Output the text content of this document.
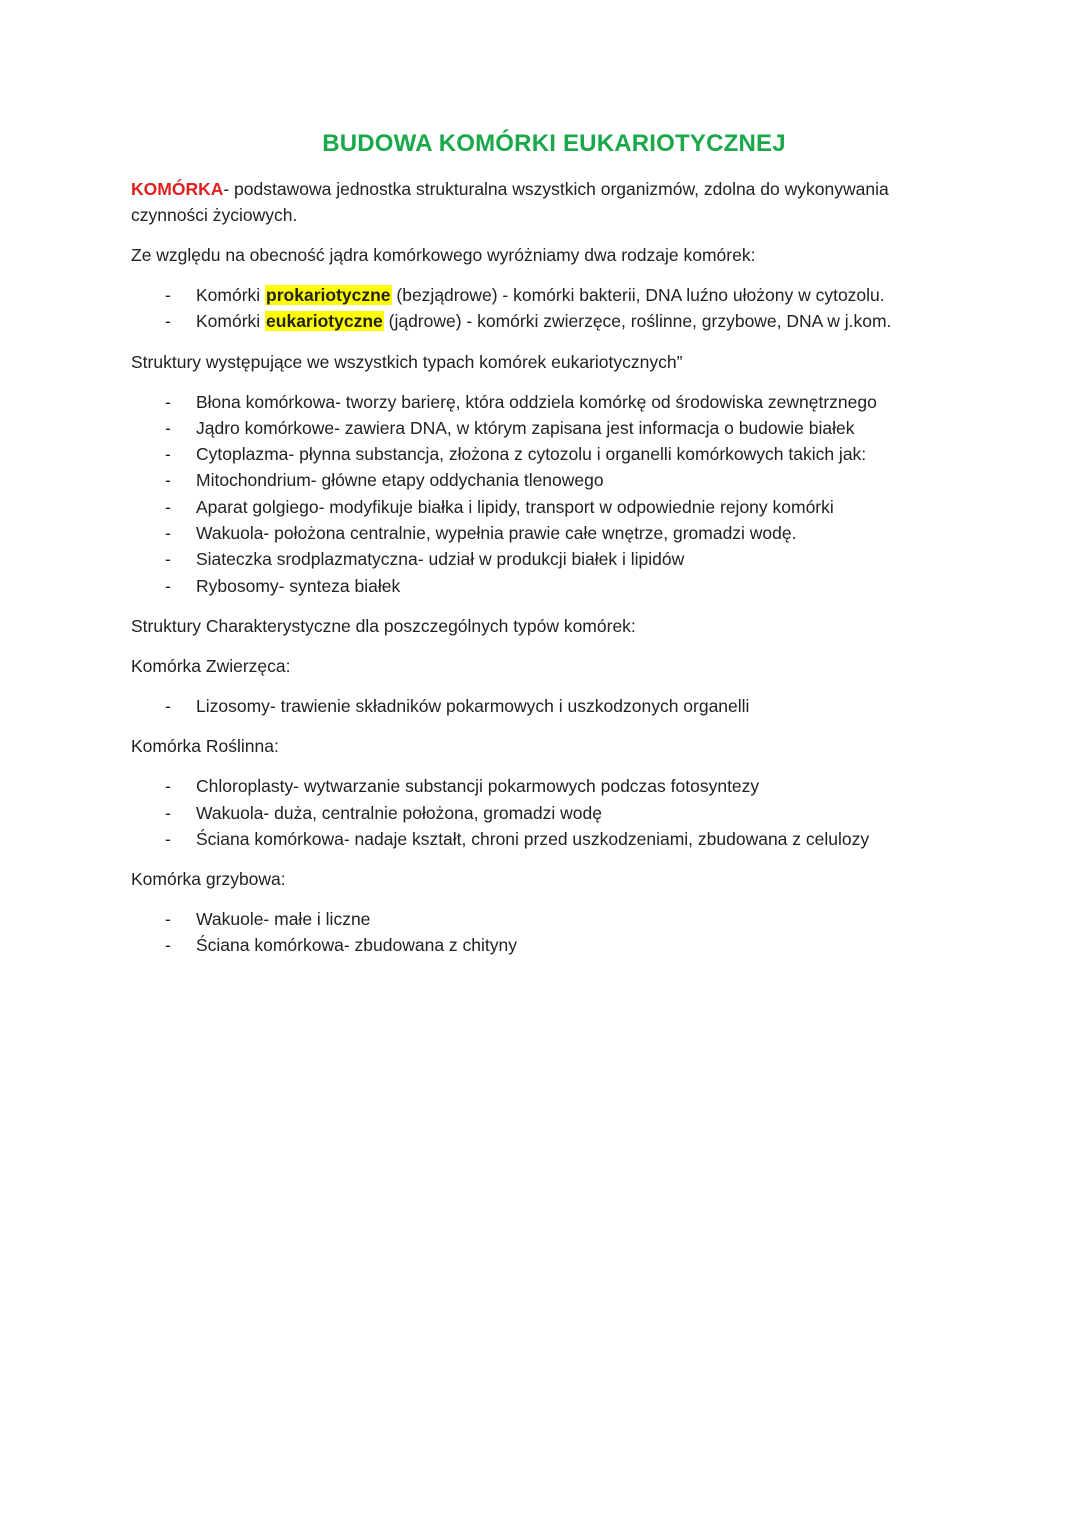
BUDOWA KOMÓRKI EUKARIOTYCZNEJ

KOMÓRKA- podstawowa jednostka strukturalna wszystkich organizmów, zdolna do wykonywania czynności życiowych.

Ze względu na obecność jądra komórkowego wyróżniamy dwa rodzaje komórek:

- Komórki prokariotyczne (bezjądrowe) - komórki bakterii, DNA luźno ułożony w cytozolu.
- Komórki eukariotyczne (jądrowe) - komórki zwierzęce, roślinne, grzybowe, DNA w j.kom.

Struktury występujące we wszystkich typach komórek eukariotycznych”

- Błona komórkowa- tworzy barierę, która oddziela komórkę od środowiska zewnętrznego
- Jądro komórkowe- zawiera DNA, w którym zapisana jest informacja o budowie białek
- Cytoplazma- płynna substancja, złożona z cytozolu i organelli komórkowych takich jak:
- Mitochondrium- główne etapy oddychania tlenowego
- Aparat golgiego- modyfikuje białka i lipidy, transport w odpowiednie rejony komórki
- Wakuola- położona centralnie, wypełnia prawie całe wnętrze, gromadzi wodę.
- Siateczka srodplazmatyczna- udział w produkcji białek i lipidów
- Rybosomy- synteza białek

Struktury Charakterystyczne dla poszczególnych typów komórek:

Komórka Zwierzęca:

- Lizosomy- trawienie składników pokarmowych i uszkodzonych organelli

Komórka Roślinna:

- Chloroplasty- wytwarzanie substancji pokarmowych podczas fotosyntezy
- Wakuola- duża, centralnie położona, gromadzi wodę
- Ściana komórkowa- nadaje kształt, chroni przed uszkodzeniami, zbudowana z celulozy

Komórka grzybowa:

- Wakuole- małe i liczne
- Ściana komórkowa- zbudowana z chityny
